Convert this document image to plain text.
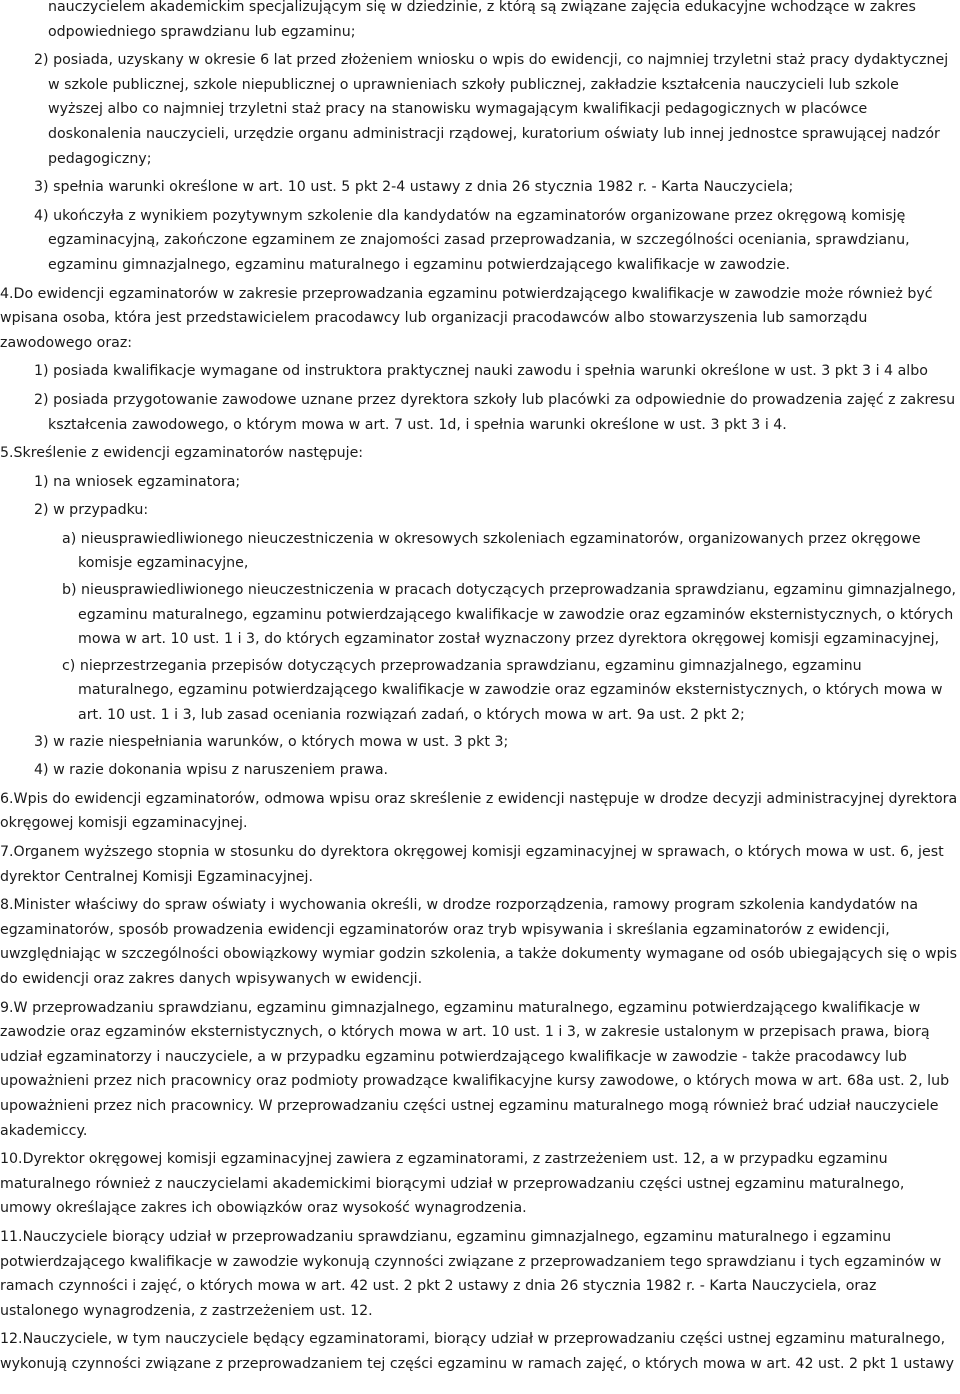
nauczycielem akademickim specjalizującym się w dziedzinie, z którą są związane zajęcia edukacyjne wchodzące w zakres odpowiedniego sprawdzianu lub egzaminu;

2) posiada, uzyskany w okresie 6 lat przed złożeniem wniosku o wpis do ewidencji, co najmniej trzyletni staż pracy dydaktycznej w szkole publicznej, szkole niepublicznej o uprawnieniach szkoły publicznej, zakładzie kształcenia nauczycieli lub szkole wyższej albo co najmniej trzyletni staż pracy na stanowisku wymagającym kwalifikacji pedagogicznych w placówce doskonalenia nauczycieli, urzędzie organu administracji rządowej, kuratorium oświaty lub innej jednostce sprawującej nadzór pedagogiczny;

3) spełnia warunki określone w art. 10 ust. 5 pkt 2-4 ustawy z dnia 26 stycznia 1982 r. - Karta Nauczyciela;

4) ukończyła z wynikiem pozytywnym szkolenie dla kandydatów na egzaminatorów organizowane przez okręgową komisję egzaminacyjną, zakończone egzaminem ze znajomości zasad przeprowadzania, w szczególności oceniania, sprawdzianu, egzaminu gimnazjalnego, egzaminu maturalnego i egzaminu potwierdzającego kwalifikacje w zawodzie.

4.Do ewidencji egzaminatorów w zakresie przeprowadzania egzaminu potwierdzającego kwalifikacje w zawodzie może również być wpisana osoba, która jest przedstawicielem pracodawcy lub organizacji pracodawców albo stowarzyszenia lub samorządu zawodowego oraz:

1) posiada kwalifikacje wymagane od instruktora praktycznej nauki zawodu i spełnia warunki określone w ust. 3 pkt 3 i 4 albo

2) posiada przygotowanie zawodowe uznane przez dyrektora szkoły lub placówki za odpowiednie do prowadzenia zajęć z zakresu kształcenia zawodowego, o którym mowa w art. 7 ust. 1d, i spełnia warunki określone w ust. 3 pkt 3 i 4.

5.Skreślenie z ewidencji egzaminatorów następuje:

1) na wniosek egzaminatora;

2) w przypadku:

a) nieusprawiedliwionego nieuczestniczenia w okresowych szkoleniach egzaminatorów, organizowanych przez okręgowe komisje egzaminacyjne,

b) nieusprawiedliwionego nieuczestniczenia w pracach dotyczących przeprowadzania sprawdzianu, egzaminu gimnazjalnego, egzaminu maturalnego, egzaminu potwierdzającego kwalifikacje w zawodzie oraz egzaminów eksternistycznych, o których mowa w art. 10 ust. 1 i 3, do których egzaminator został wyznaczony przez dyrektora okręgowej komisji egzaminacyjnej,

c) nieprzestrzegania przepisów dotyczących przeprowadzania sprawdzianu, egzaminu gimnazjalnego, egzaminu maturalnego, egzaminu potwierdzającego kwalifikacje w zawodzie oraz egzaminów eksternistycznych, o których mowa w art. 10 ust. 1 i 3, lub zasad oceniania rozwiązań zadań, o których mowa w art. 9a ust. 2 pkt 2;

3) w razie niespełniania warunków, o których mowa w ust. 3 pkt 3;

4) w razie dokonania wpisu z naruszeniem prawa.

6.Wpis do ewidencji egzaminatorów, odmowa wpisu oraz skreślenie z ewidencji następuje w drodze decyzji administracyjnej dyrektora okręgowej komisji egzaminacyjnej.

7.Organem wyższego stopnia w stosunku do dyrektora okręgowej komisji egzaminacyjnej w sprawach, o których mowa w ust. 6, jest dyrektor Centralnej Komisji Egzaminacyjnej.

8.Minister właściwy do spraw oświaty i wychowania określi, w drodze rozporządzenia, ramowy program szkolenia kandydatów na egzaminatorów, sposób prowadzenia ewidencji egzaminatorów oraz tryb wpisywania i skreślania egzaminatorów z ewidencji, uwzględniając w szczególności obowiązkowy wymiar godzin szkolenia, a także dokumenty wymagane od osób ubiegających się o wpis do ewidencji oraz zakres danych wpisywanych w ewidencji.

9.W przeprowadzaniu sprawdzianu, egzaminu gimnazjalnego, egzaminu maturalnego, egzaminu potwierdzającego kwalifikacje w zawodzie oraz egzaminów eksternistycznych, o których mowa w art. 10 ust. 1 i 3, w zakresie ustalonym w przepisach prawa, biorą udział egzaminatorzy i nauczyciele, a w przypadku egzaminu potwierdzającego kwalifikacje w zawodzie - także pracodawcy lub upoważnieni przez nich pracownicy oraz podmioty prowadzące kwalifikacyjne kursy zawodowe, o których mowa w art. 68a ust. 2, lub upoważnieni przez nich pracownicy. W przeprowadzaniu części ustnej egzaminu maturalnego mogą również brać udział nauczyciele akademiccy.

10.Dyrektor okręgowej komisji egzaminacyjnej zawiera z egzaminatorami, z zastrzeżeniem ust. 12, a w przypadku egzaminu maturalnego również z nauczycielami akademickimi biorącymi udział w przeprowadzaniu części ustnej egzaminu maturalnego, umowy określające zakres ich obowiązków oraz wysokość wynagrodzenia.

11.Nauczyciele biorący udział w przeprowadzaniu sprawdzianu, egzaminu gimnazjalnego, egzaminu maturalnego i egzaminu potwierdzającego kwalifikacje w zawodzie wykonują czynności związane z przeprowadzaniem tego sprawdzianu i tych egzaminów w ramach czynności i zajęć, o których mowa w art. 42 ust. 2 pkt 2 ustawy z dnia 26 stycznia 1982 r. - Karta Nauczyciela, oraz ustalonego wynagrodzenia, z zastrzeżeniem ust. 12.

12.Nauczyciele, w tym nauczyciele będący egzaminatorami, biorący udział w przeprowadzaniu części ustnej egzaminu maturalnego, wykonują czynności związane z przeprowadzaniem tej części egzaminu w ramach zajęć, o których mowa w art. 42 ust. 2 pkt 1 ustawy
